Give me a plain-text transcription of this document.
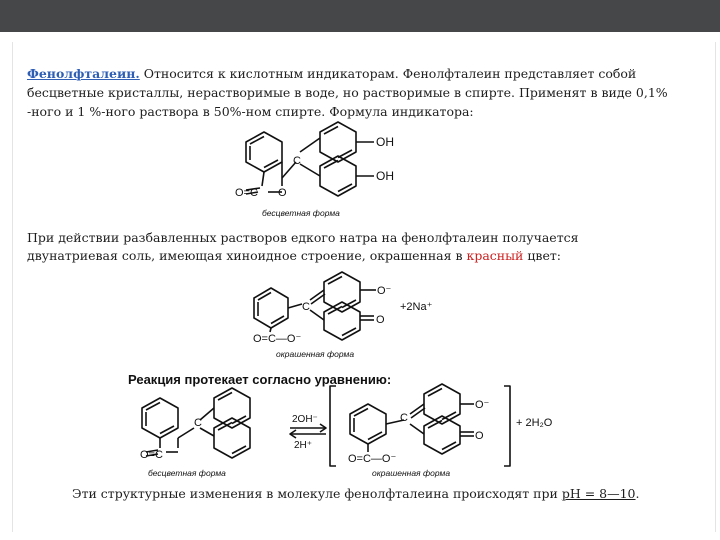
Фенолфталеин. Относится к кислотным индикаторам. Фенолфталеин представляет собой
бесцветные кристаллы, нерастворимые в воде, но растворимые в спирте. Применят в виде 0,1%
-ного и 1 %-ного раствора в 50%-ном спирте. Формула индикатора:
При действии разбавленных растворов едкого натра на фенолфталеин получается
двунатриевая соль, имеющая хиноидное строение, окрашенная в красный цвет:
Эти структурные изменения в молекуле фенолфталеина происходят при pH = 8—10.
OH
OH
C
O
O=C
бесцветная форма
O⁻
O
C
O=C—O⁻
+2Na⁺
окрашенная форма
Реакция протекает согласно уравнению:
C
O=C
бесцветная форма
2OH⁻
2H⁺
C
O⁻
O
O=C—O⁻
окрашенная форма
+ 2H₂O
